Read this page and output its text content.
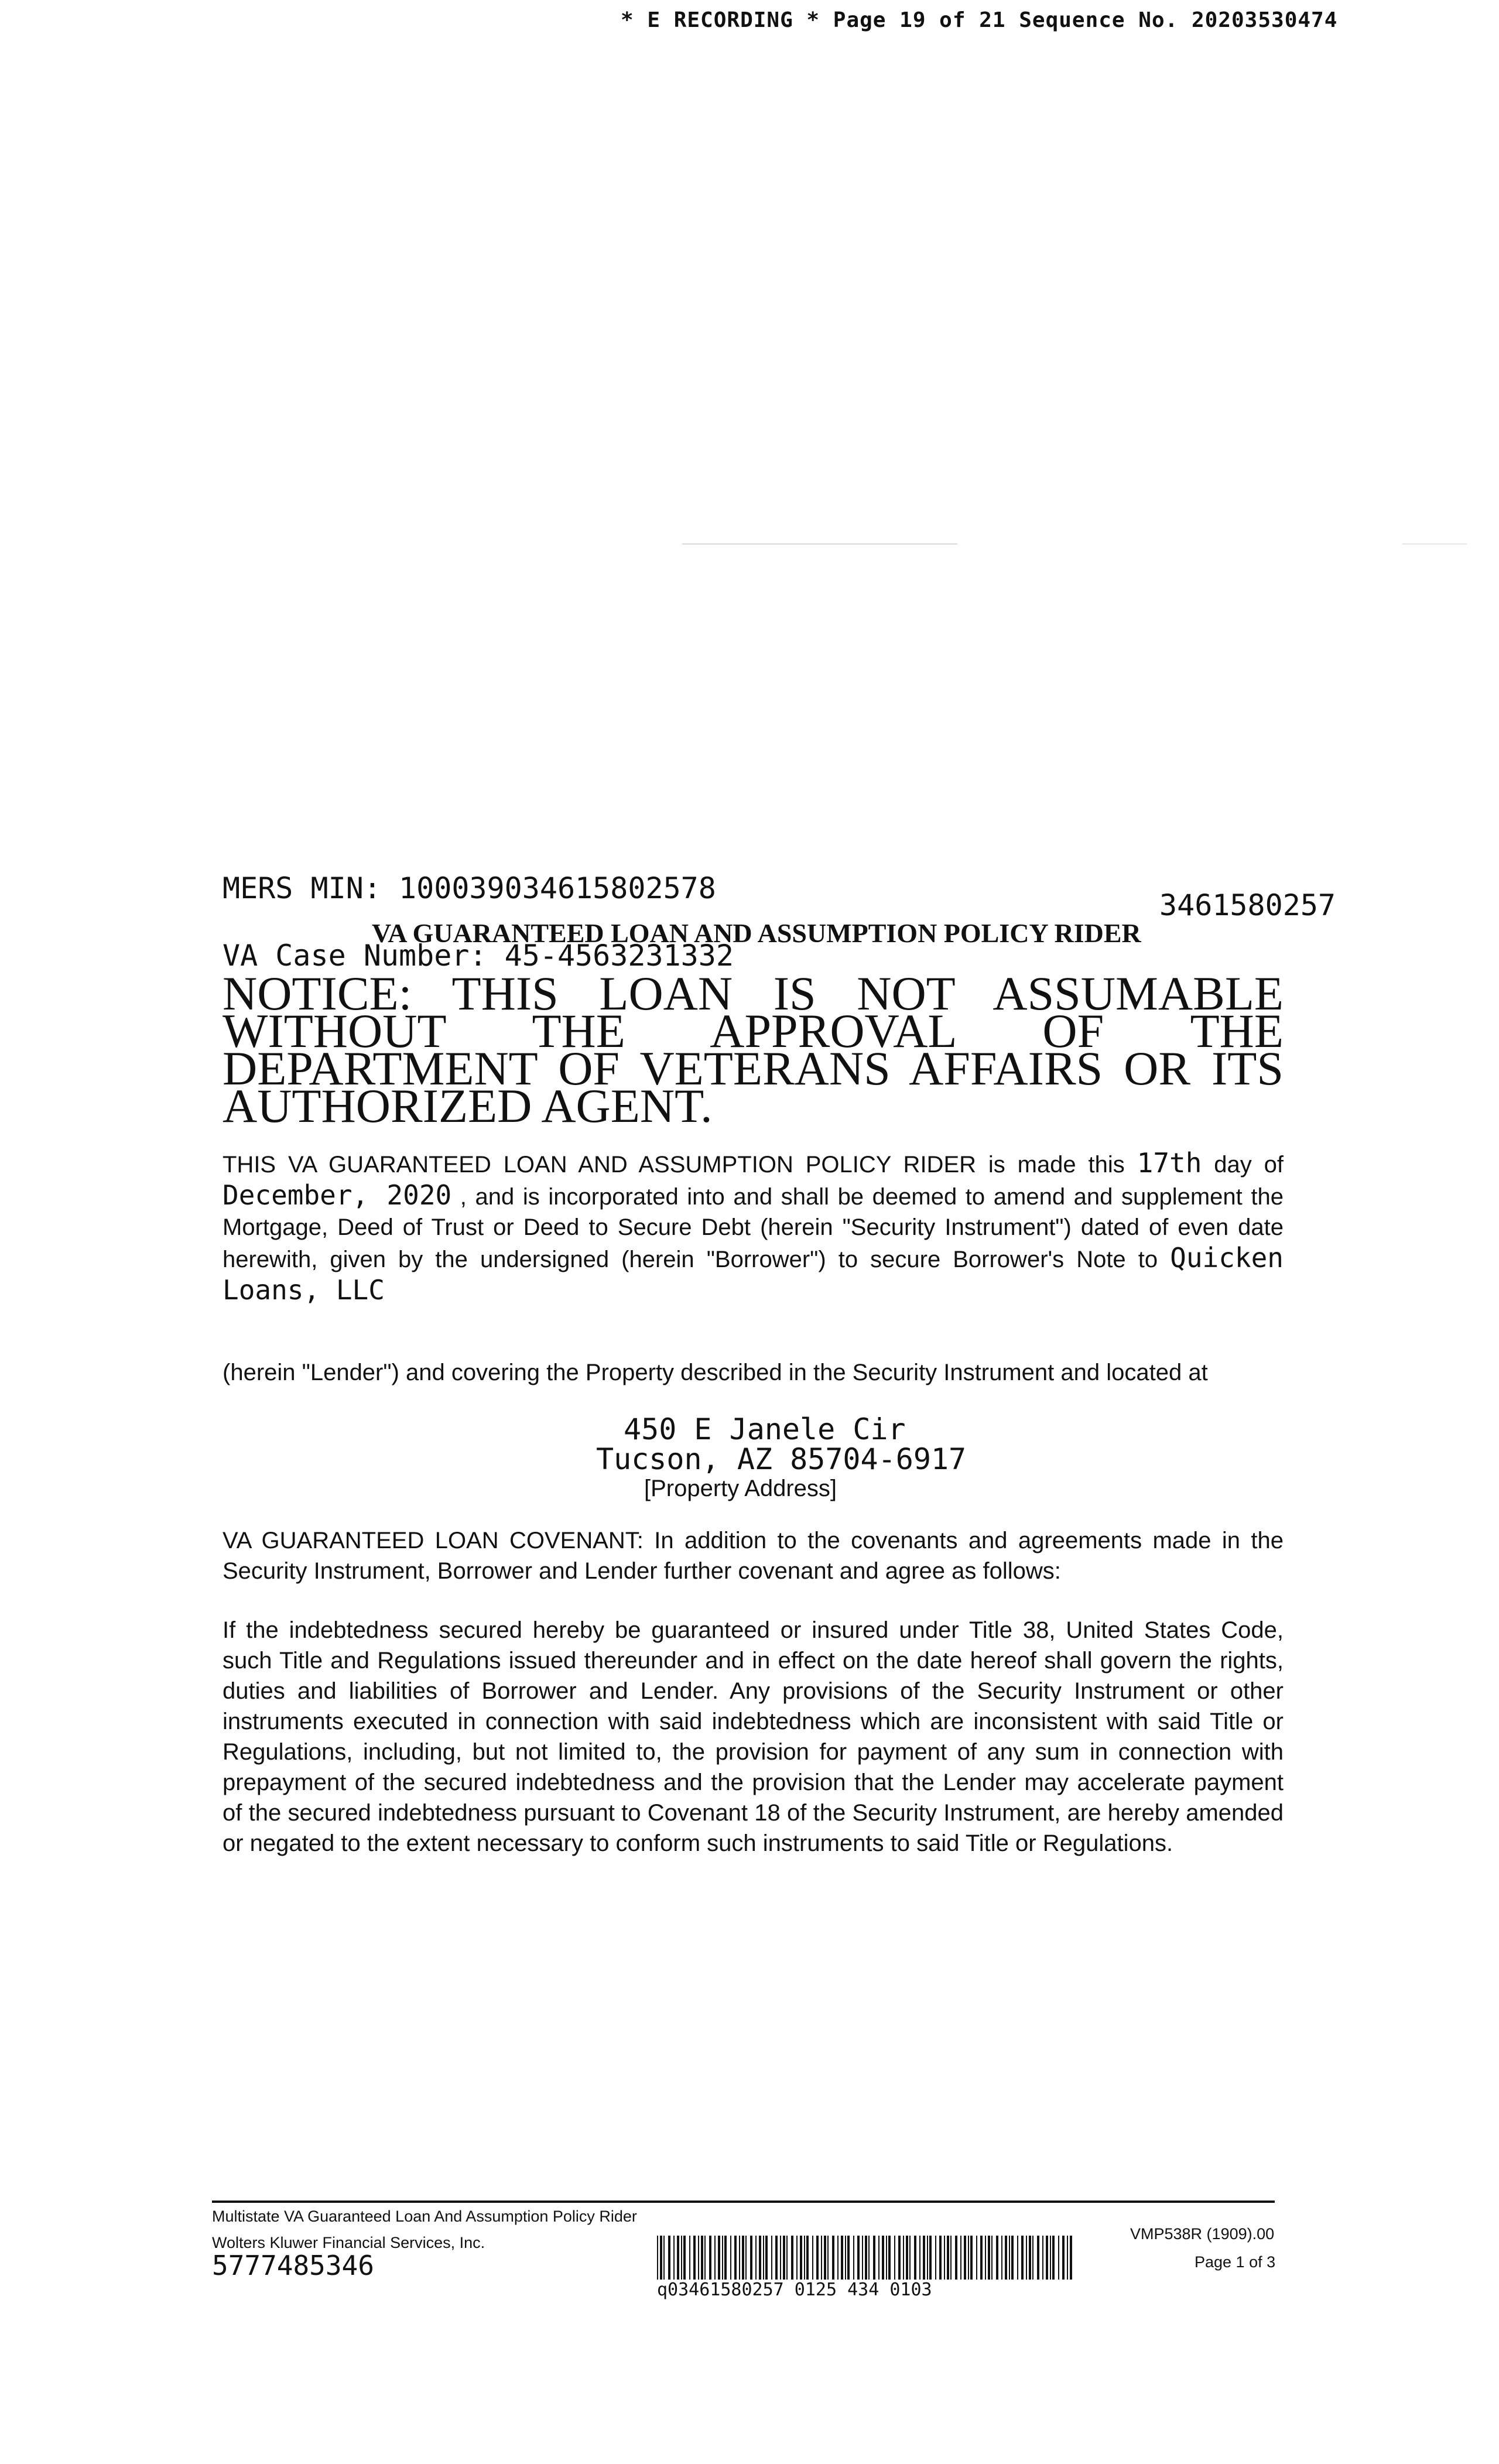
* E RECORDING * Page 19 of 21 Sequence No. 20203530474
MERS MIN: 100039034615802578	3461580257
VA GUARANTEED LOAN AND ASSUMPTION POLICY RIDER
VA Case Number: 45-4563231332
NOTICE: THIS LOAN IS NOT ASSUMABLE WITHOUT THE APPROVAL OF THE DEPARTMENT OF VETERANS AFFAIRS OR ITS AUTHORIZED AGENT.
THIS VA GUARANTEED LOAN AND ASSUMPTION POLICY RIDER is made this 17th day of December, 2020 , and is incorporated into and shall be deemed to amend and supplement the Mortgage, Deed of Trust or Deed to Secure Debt (herein "Security Instrument") dated of even date herewith, given by the undersigned (herein "Borrower") to secure Borrower's Note to Quicken Loans, LLC
(herein "Lender") and covering the Property described in the Security Instrument and located at
450 E Janele Cir
Tucson, AZ 85704-6917
[Property Address]
VA GUARANTEED LOAN COVENANT: In addition to the covenants and agreements made in the Security Instrument, Borrower and Lender further covenant and agree as follows:
If the indebtedness secured hereby be guaranteed or insured under Title 38, United States Code, such Title and Regulations issued thereunder and in effect on the date hereof shall govern the rights, duties and liabilities of Borrower and Lender. Any provisions of the Security Instrument or other instruments executed in connection with said indebtedness which are inconsistent with said Title or Regulations, including, but not limited to, the provision for payment of any sum in connection with prepayment of the secured indebtedness and the provision that the Lender may accelerate payment of the secured indebtedness pursuant to Covenant 18 of the Security Instrument, are hereby amended or negated to the extent necessary to conform such instruments to said Title or Regulations.
Multistate VA Guaranteed Loan And Assumption Policy Rider
Wolters Kluwer Financial Services, Inc.
5777485346
q03461580257 0125 434 0103
VMP538R (1909).00
Page 1 of 3
